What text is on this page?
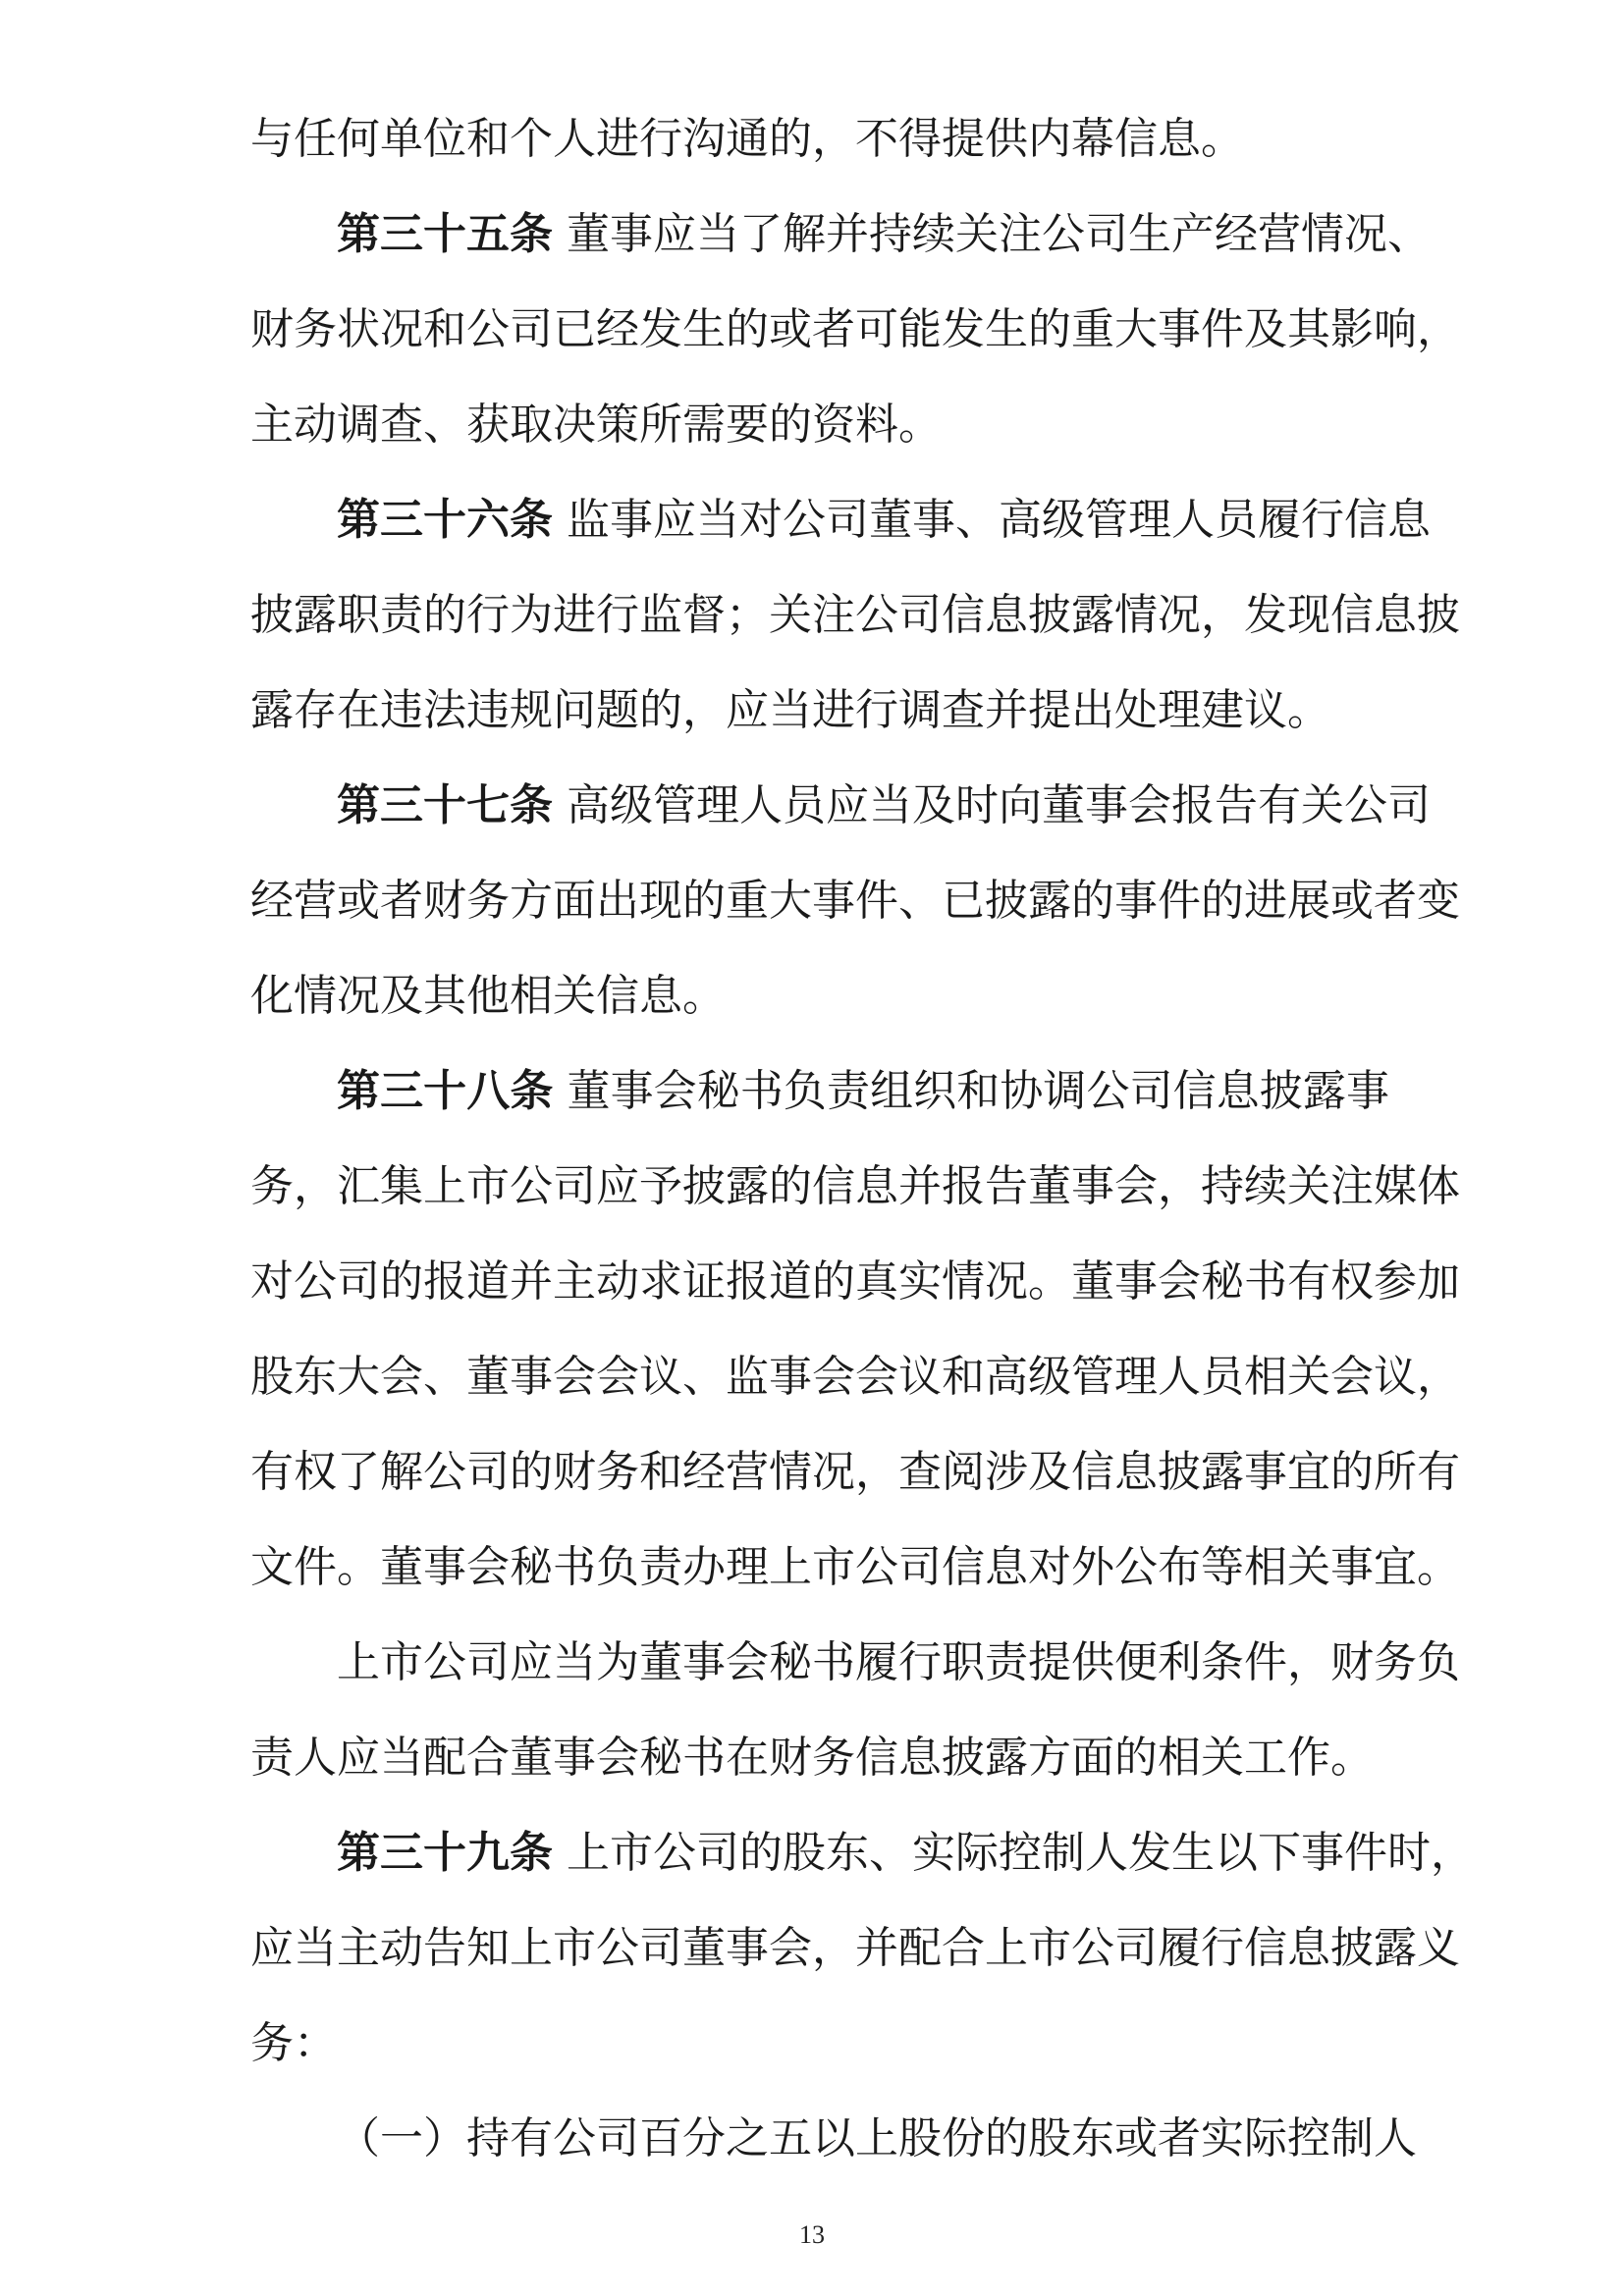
与任何单位和个人进行沟通的，不得提供内幕信息。
第三十五条 董事应当了解并持续关注公司生产经营情况、
财务状况和公司已经发生的或者可能发生的重大事件及其影响，
主动调查、获取决策所需要的资料。
第三十六条 监事应当对公司董事、高级管理人员履行信息
披露职责的行为进行监督；关注公司信息披露情况，发现信息披
露存在违法违规问题的，应当进行调查并提出处理建议。
第三十七条 高级管理人员应当及时向董事会报告有关公司
经营或者财务方面出现的重大事件、已披露的事件的进展或者变
化情况及其他相关信息。
第三十八条 董事会秘书负责组织和协调公司信息披露事
务，汇集上市公司应予披露的信息并报告董事会，持续关注媒体
对公司的报道并主动求证报道的真实情况。董事会秘书有权参加
股东大会、董事会会议、监事会会议和高级管理人员相关会议，
有权了解公司的财务和经营情况，查阅涉及信息披露事宜的所有
文件。董事会秘书负责办理上市公司信息对外公布等相关事宜。
上市公司应当为董事会秘书履行职责提供便利条件，财务负
责人应当配合董事会秘书在财务信息披露方面的相关工作。
第三十九条 上市公司的股东、实际控制人发生以下事件时，
应当主动告知上市公司董事会，并配合上市公司履行信息披露义
务：
（一）持有公司百分之五以上股份的股东或者实际控制人
13
